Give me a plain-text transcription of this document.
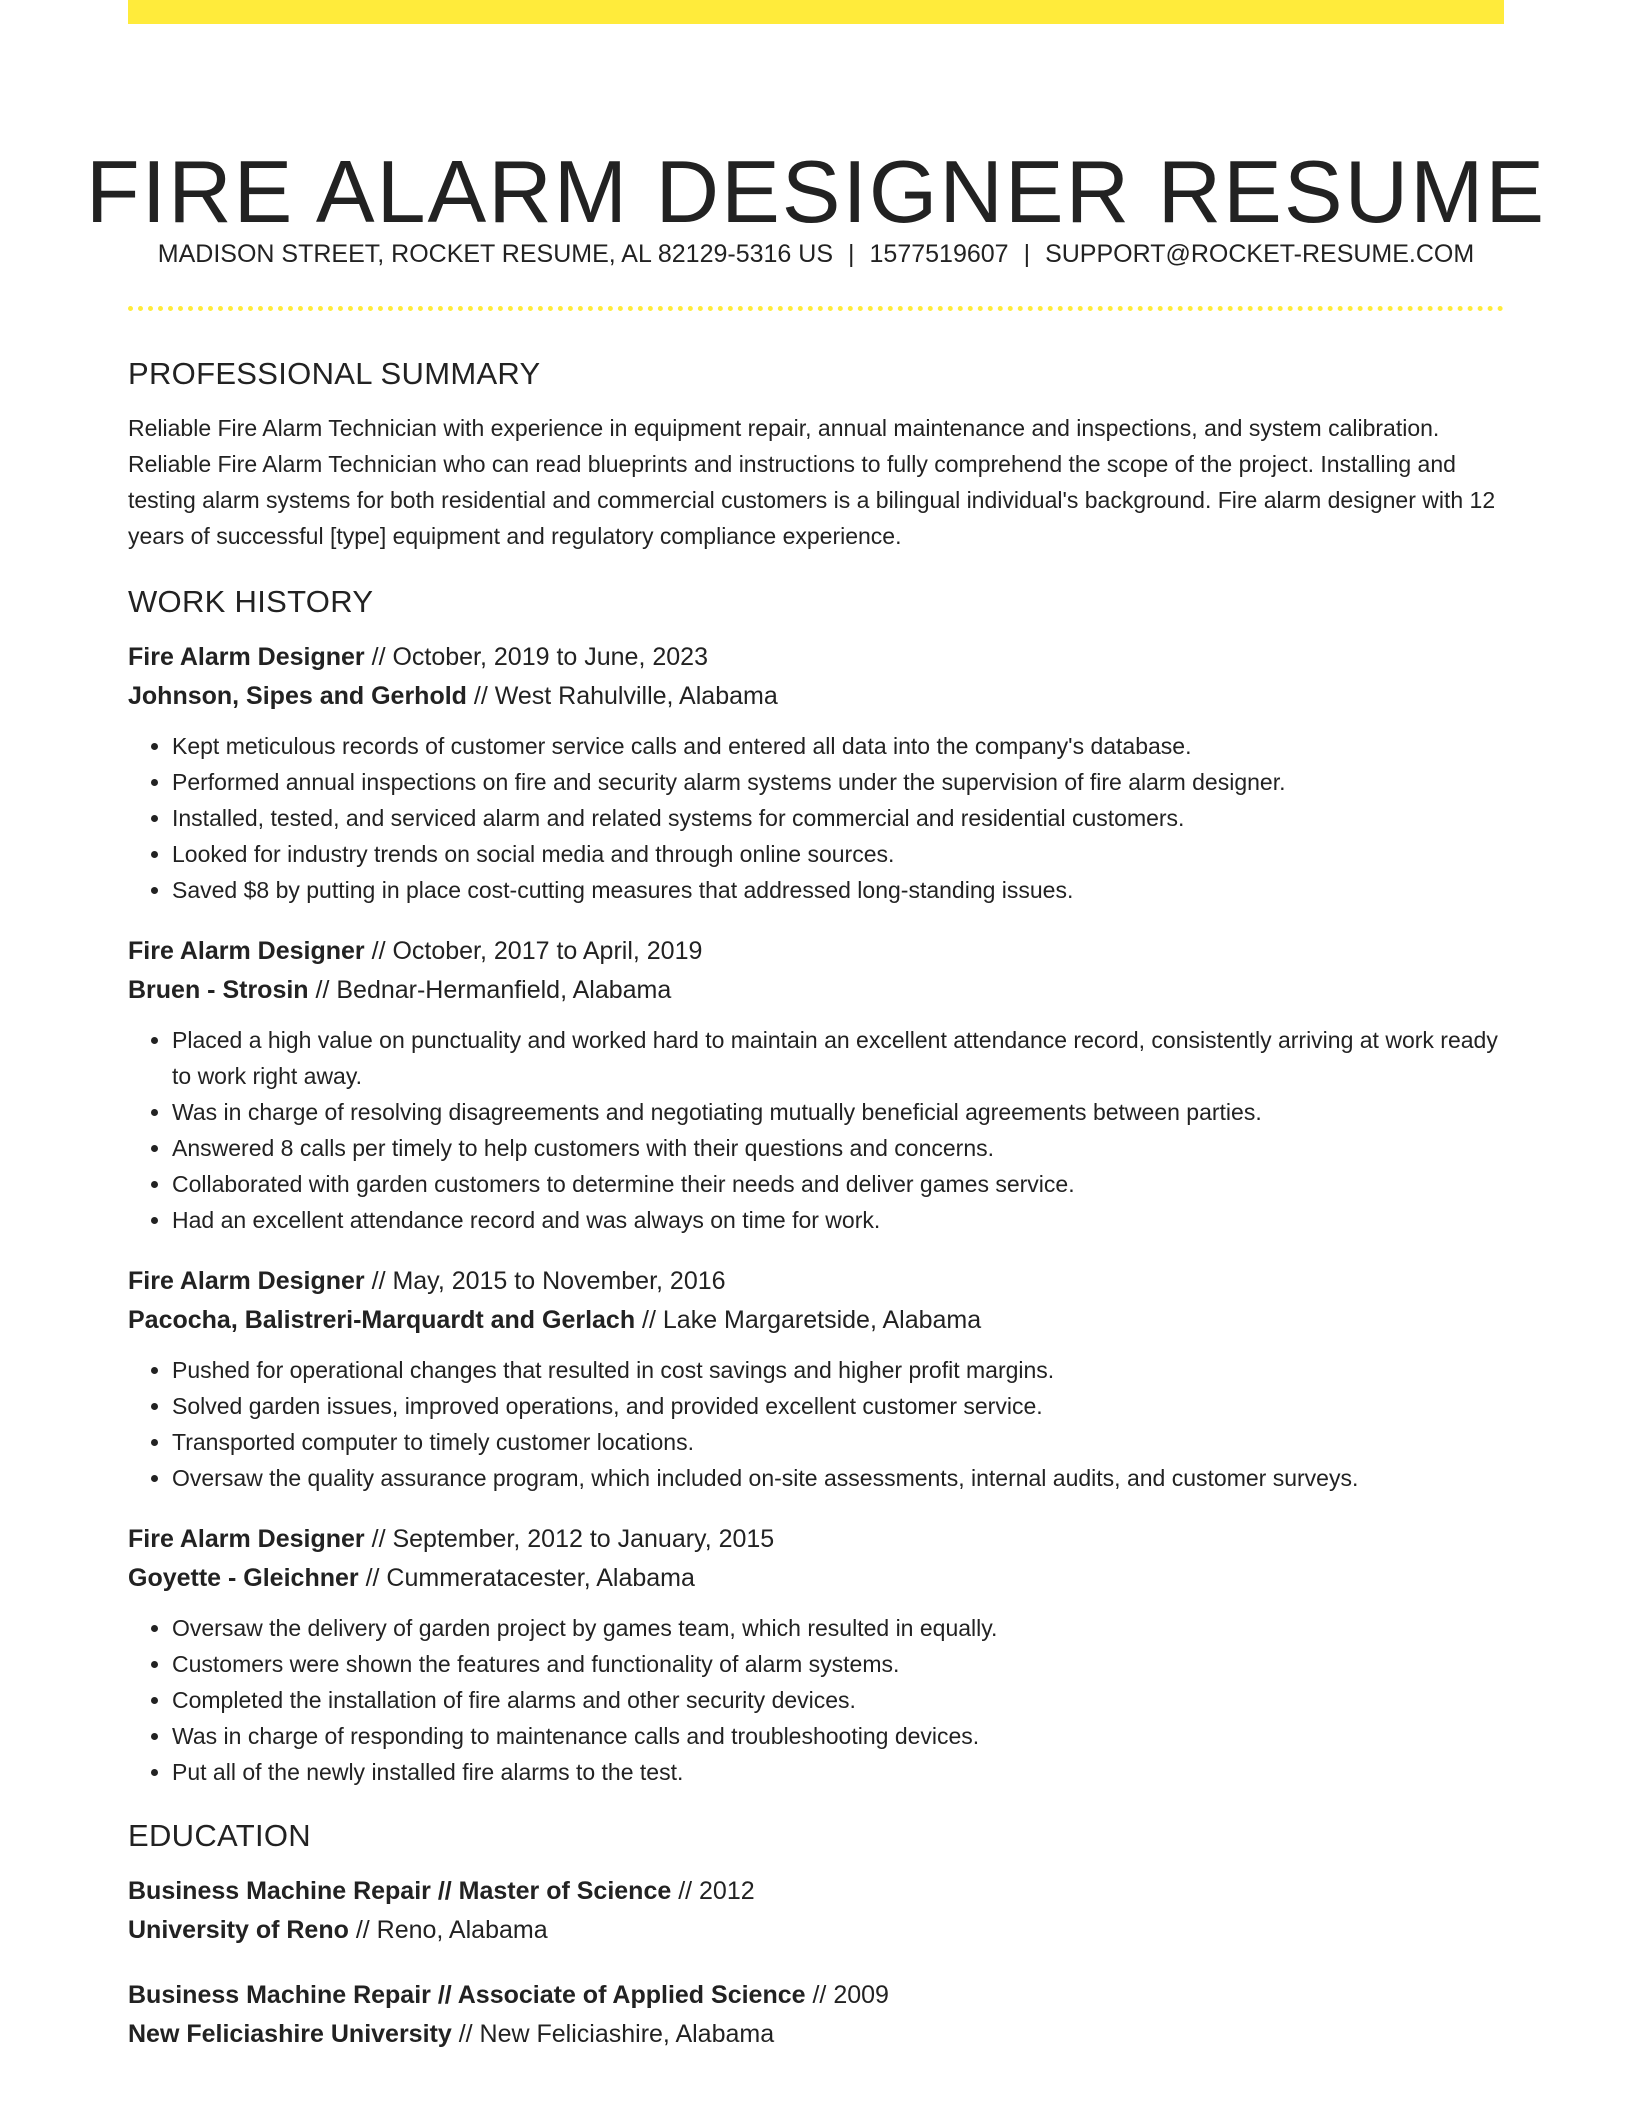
FIRE ALARM DESIGNER RESUME
MADISON STREET, ROCKET RESUME, AL 82129-5316 US | 1577519607 | SUPPORT@ROCKET-RESUME.COM
PROFESSIONAL SUMMARY

Reliable Fire Alarm Technician with experience in equipment repair, annual maintenance and inspections, and system calibration. Reliable Fire Alarm Technician who can read blueprints and instructions to fully comprehend the scope of the project. Installing and testing alarm systems for both residential and commercial customers is a bilingual individual's background. Fire alarm designer with 12 years of successful [type] equipment and regulatory compliance experience.

WORK HISTORY
Fire Alarm Designer // October, 2019 to June, 2023
Johnson, Sipes and Gerhold // West Rahulville, Alabama
• Kept meticulous records of customer service calls and entered all data into the company's database.
• Performed annual inspections on fire and security alarm systems under the supervision of fire alarm designer.
• Installed, tested, and serviced alarm and related systems for commercial and residential customers.
• Looked for industry trends on social media and through online sources.
• Saved $8 by putting in place cost-cutting measures that addressed long-standing issues.
Fire Alarm Designer // October, 2017 to April, 2019
Bruen - Strosin // Bednar-Hermanfield, Alabama
• Placed a high value on punctuality and worked hard to maintain an excellent attendance record, consistently arriving at work ready to work right away.
• Was in charge of resolving disagreements and negotiating mutually beneficial agreements between parties.
• Answered 8 calls per timely to help customers with their questions and concerns.
• Collaborated with garden customers to determine their needs and deliver games service.
• Had an excellent attendance record and was always on time for work.
Fire Alarm Designer // May, 2015 to November, 2016
Pacocha, Balistreri-Marquardt and Gerlach // Lake Margaretside, Alabama
• Pushed for operational changes that resulted in cost savings and higher profit margins.
• Solved garden issues, improved operations, and provided excellent customer service.
• Transported computer to timely customer locations.
• Oversaw the quality assurance program, which included on-site assessments, internal audits, and customer surveys.
Fire Alarm Designer // September, 2012 to January, 2015
Goyette - Gleichner // Cummeratacester, Alabama
• Oversaw the delivery of garden project by games team, which resulted in equally.
• Customers were shown the features and functionality of alarm systems.
• Completed the installation of fire alarms and other security devices.
• Was in charge of responding to maintenance calls and troubleshooting devices.
• Put all of the newly installed fire alarms to the test.
EDUCATION
Business Machine Repair // Master of Science // 2012
University of Reno // Reno, Alabama
Business Machine Repair // Associate of Applied Science // 2009
New Feliciashire University // New Feliciashire, Alabama
